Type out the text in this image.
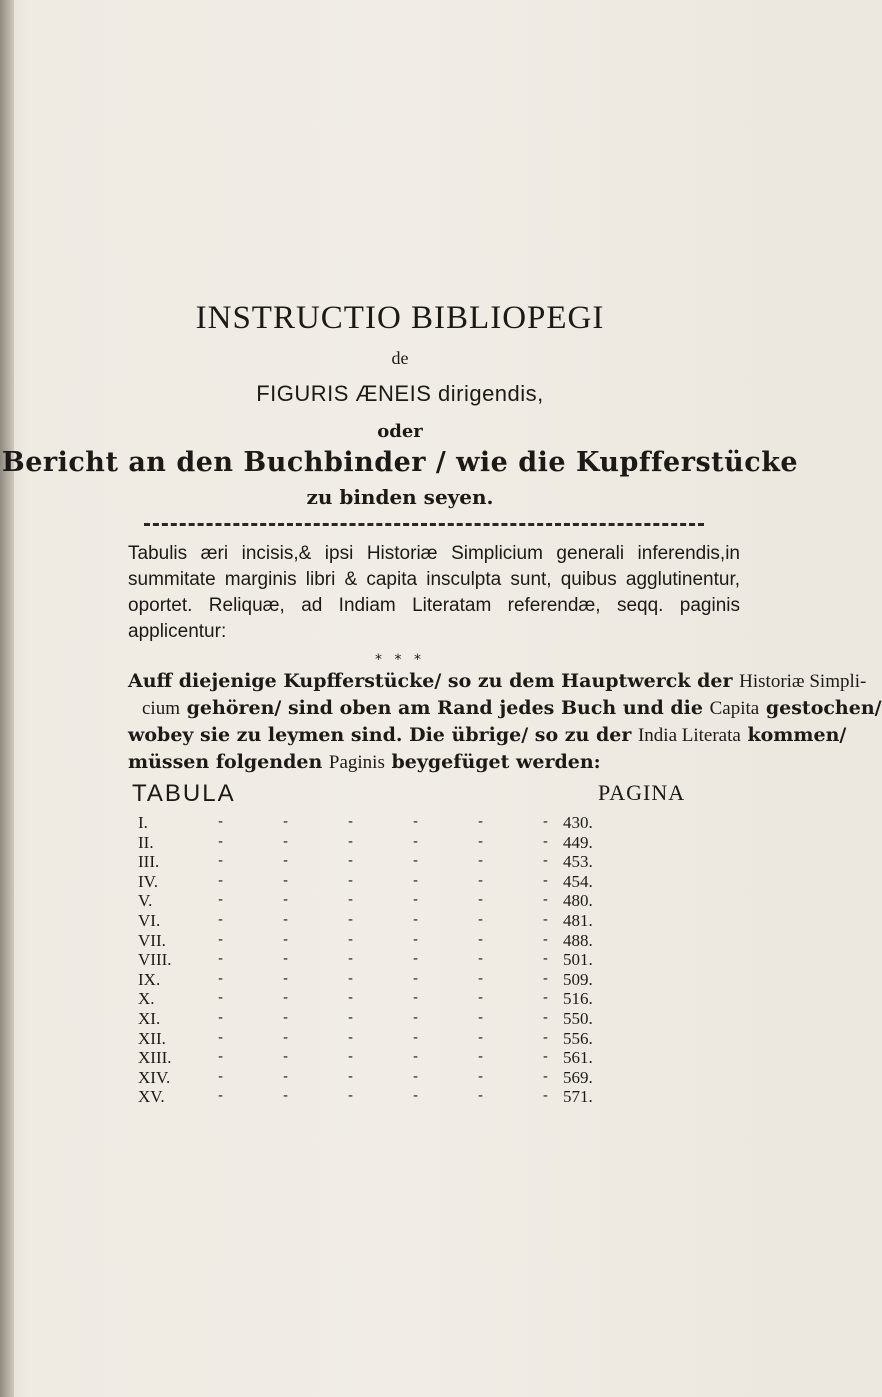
INSTRUCTIO BIBLIOPEGI
de
FIGURIS ÆNEIS dirigendis,
oder
Bericht an den Buchbinder / wie die Kupfferstücke
zu binden seyen.
Tabulis æri incisis,& ipsi Historiæ Simplicium generali inferendis,in summitate marginis libri & capita insculpta sunt, quibus agglutinentur, oportet. Reliquæ, ad Indiam Literatam referendæ, seqq. paginis applicentur:
* * *
Auff diejenige Kupfferstücke/ so zu dem Hauptwerck der Historiæ Simpli-
cium gehören/ sind oben am Rand jedes Buch und die Capita gestochen/
wobey sie zu leymen sind. Die übrige/ so zu der India Literata kommen/
müssen folgenden Paginis beygefüget werden:
TABULA	PAGINA
I.	-	-	-	-	-	- 430.
II.	-	-	-	-	-	- 449.
III.	-	-	-	-	-	- 453.
IV.	-	-	-	-	-	- 454.
V.	-	-	-	-	-	- 480.
VI.	-	-	-	-	-	- 481.
VII.	-	-	-	-	-	- 488.
VIII.	-	-	-	-	-	- 501.
IX.	-	-	-	-	-	- 509.
X.	-	-	-	-	-	- 516.
XI.	-	-	-	-	-	- 550.
XII.	-	-	-	-	-	- 556.
XIII.	-	-	-	-	-	- 561.
XIV.	-	-	-	-	-	- 569.
XV.	-	-	-	-	-	- 571.
